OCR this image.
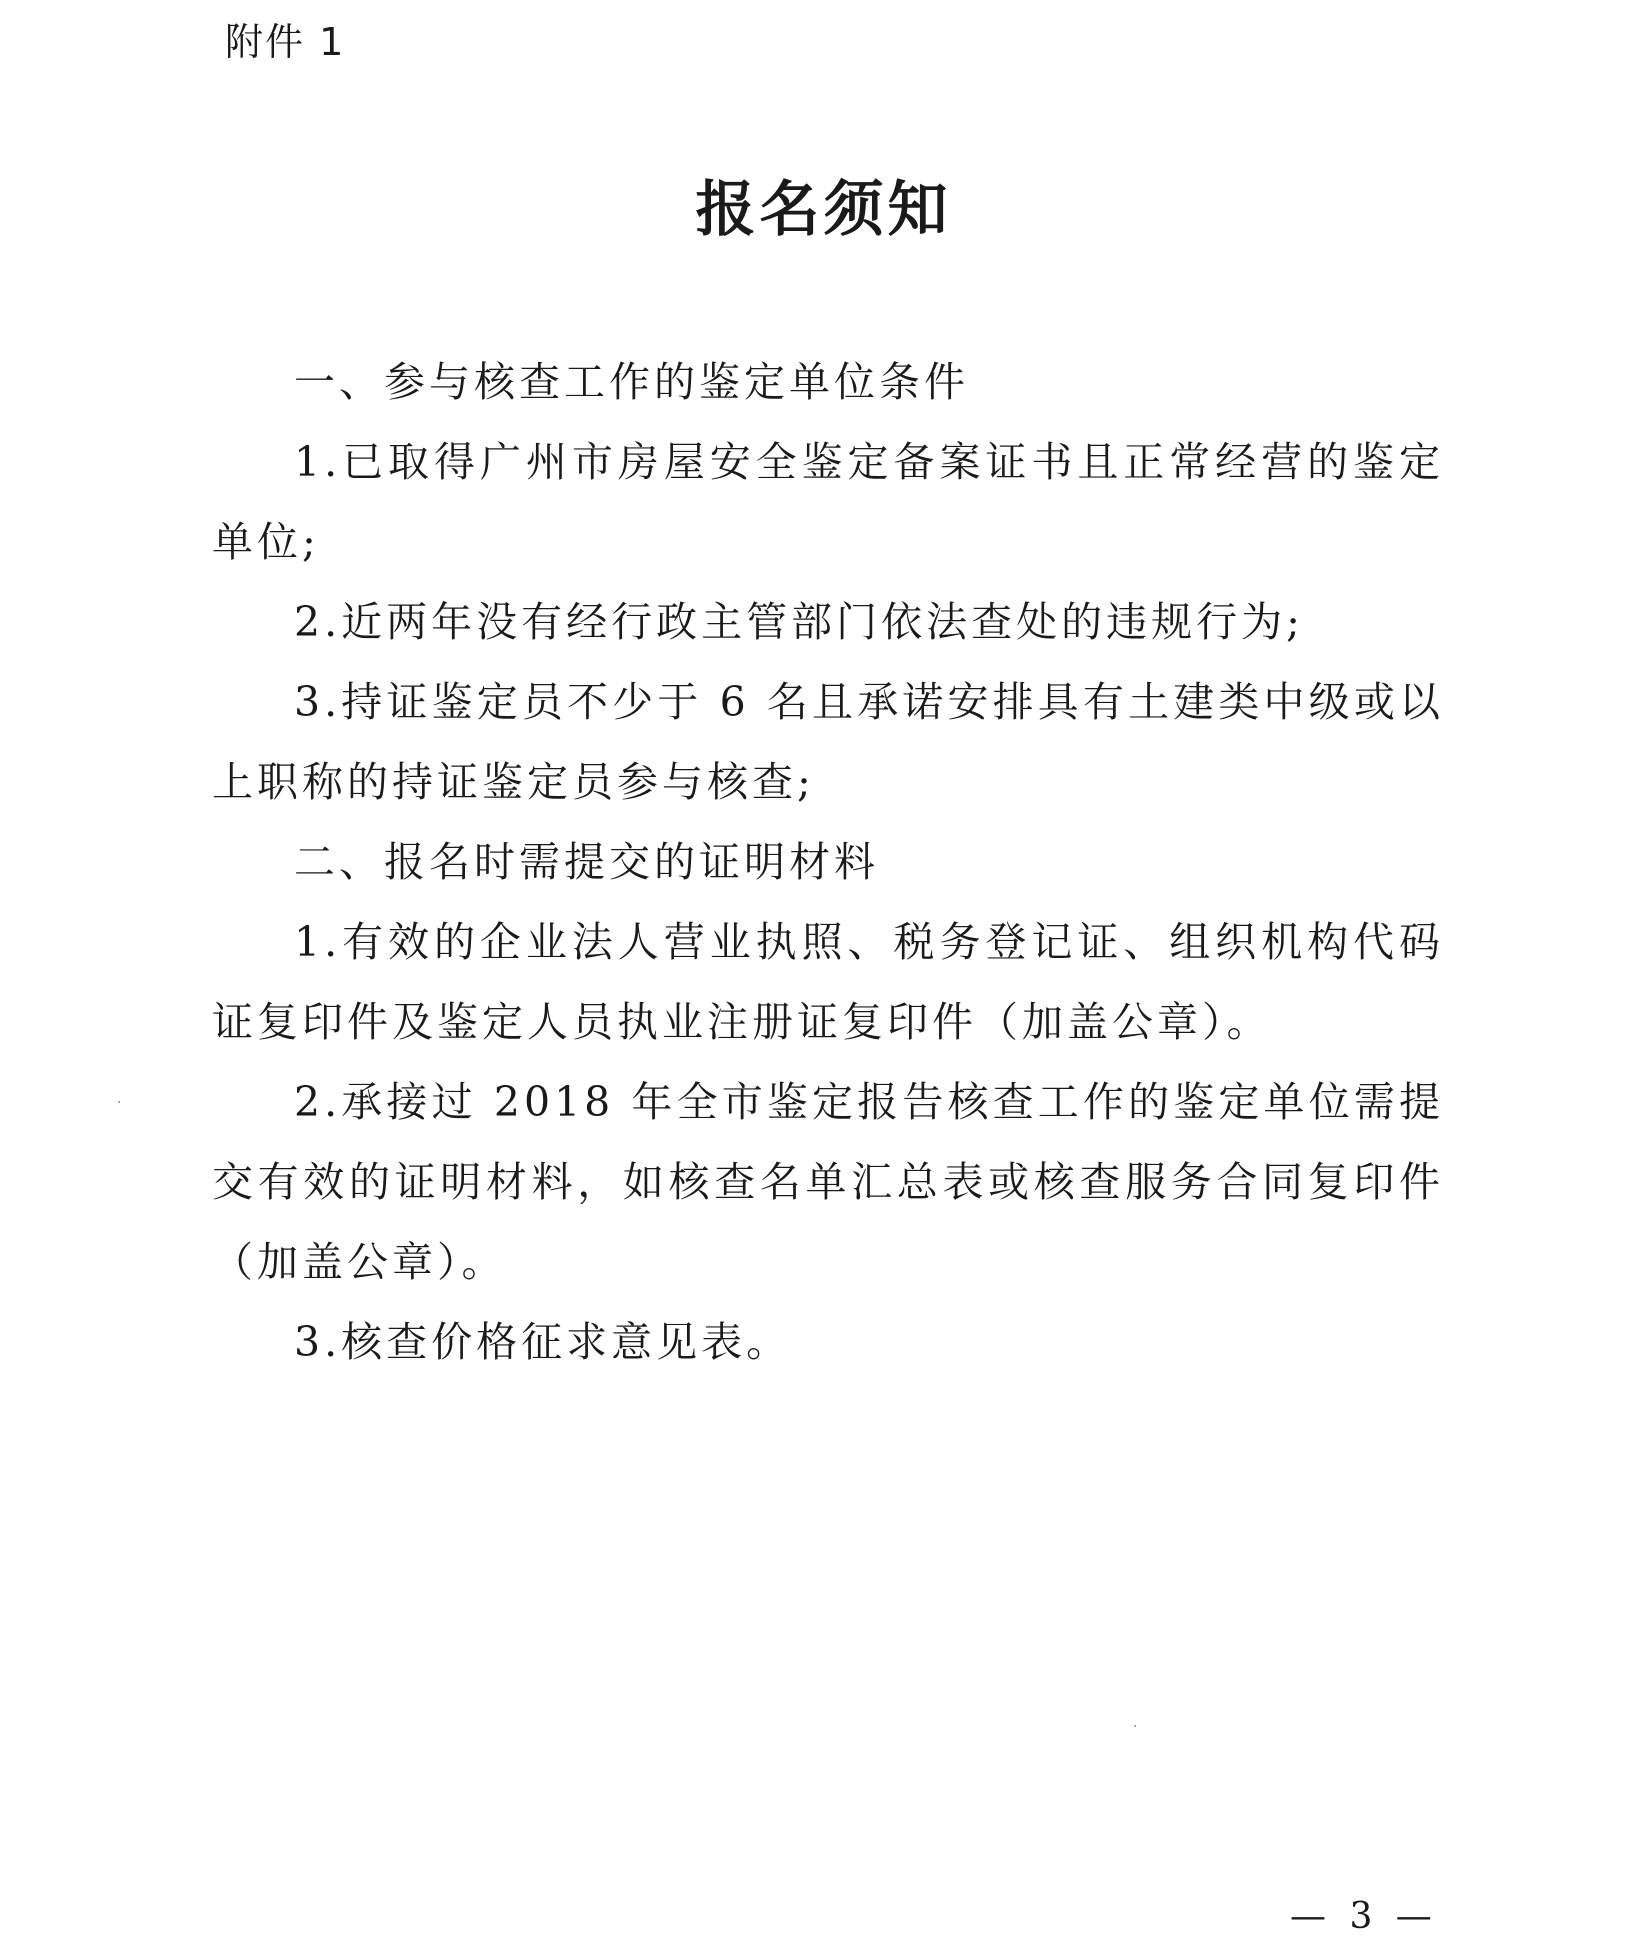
附件 1
报名须知

一、参与核查工作的鉴定单位条件

1.已取得广州市房屋安全鉴定备案证书且正常经营的鉴定单位;

2.近两年没有经行政主管部门依法查处的违规行为;

3.持证鉴定员不少于 6 名且承诺安排具有土建类中级或以上职称的持证鉴定员参与核查;

二、报名时需提交的证明材料

1.有效的企业法人营业执照、税务登记证、组织机构代码证复印件及鉴定人员执业注册证复印件（加盖公章）。

2.承接过 2018 年全市鉴定报告核查工作的鉴定单位需提交有效的证明材料，如核查名单汇总表或核查服务合同复印件（加盖公章）。

3.核查价格征求意见表。

— 3 —
